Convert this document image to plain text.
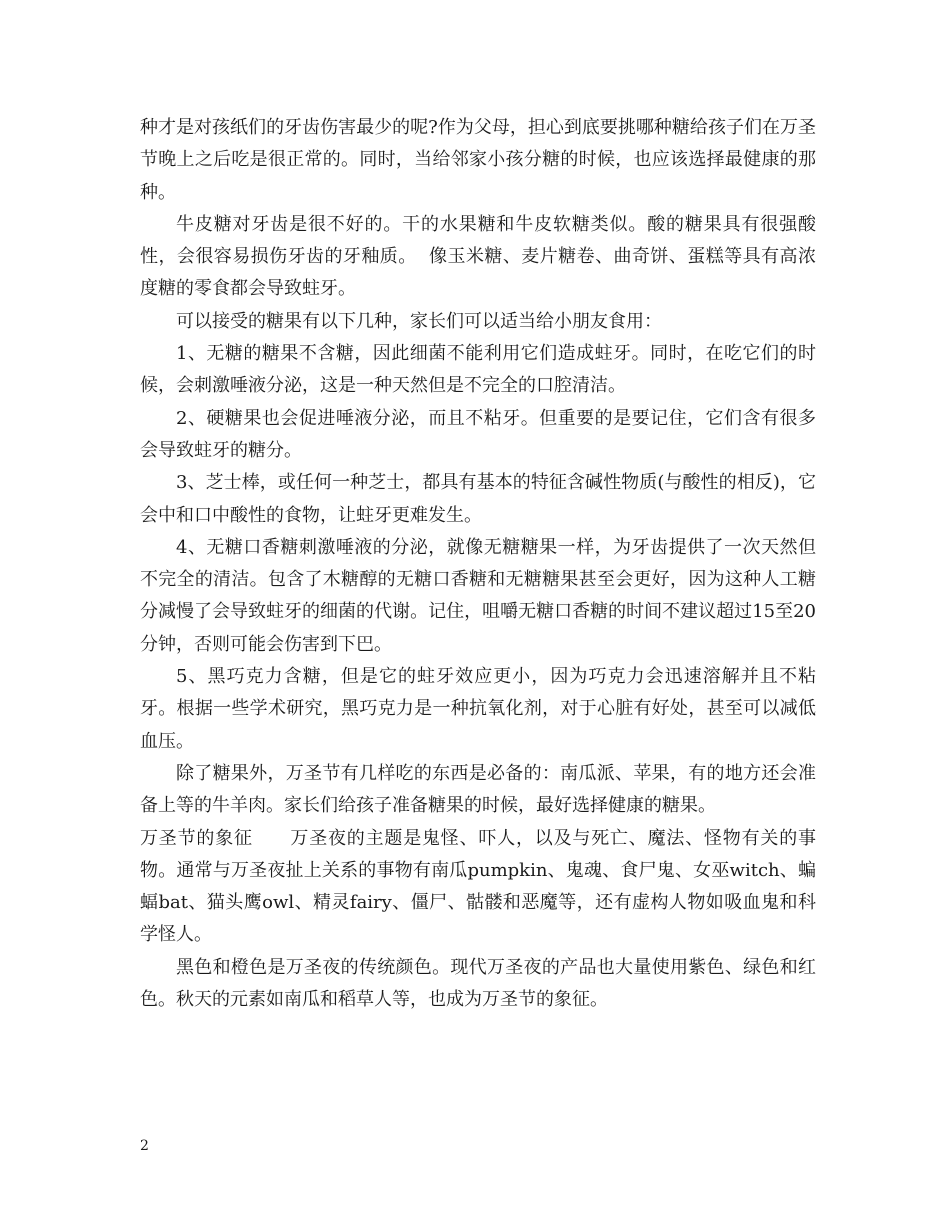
种才是对孩纸们的牙齿伤害最少的呢?作为父母，担心到底要挑哪种糖给孩子们在万圣节晚上之后吃是很正常的。同时，当给邻家小孩分糖的时候，也应该选择最健康的那种。

牛皮糖对牙齿是很不好的。干的水果糖和牛皮软糖类似。酸的糖果具有很强酸性，会很容易损伤牙齿的牙釉质。  像玉米糖、麦片糖卷、曲奇饼、蛋糕等具有高浓度糖的零食都会导致蛀牙。

可以接受的糖果有以下几种，家长们可以适当给小朋友食用：

1、无糖的糖果不含糖，因此细菌不能利用它们造成蛀牙。同时，在吃它们的时候，会刺激唾液分泌，这是一种天然但是不完全的口腔清洁。

2、硬糖果也会促进唾液分泌，而且不粘牙。但重要的是要记住，它们含有很多会导致蛀牙的糖分。

3、芝士棒，或任何一种芝士，都具有基本的特征含碱性物质(与酸性的相反)，它会中和口中酸性的食物，让蛀牙更难发生。

4、无糖口香糖刺激唾液的分泌，就像无糖糖果一样，为牙齿提供了一次天然但不完全的清洁。包含了木糖醇的无糖口香糖和无糖糖果甚至会更好，因为这种人工糖分减慢了会导致蛀牙的细菌的代谢。记住，咀嚼无糖口香糖的时间不建议超过15至20分钟，否则可能会伤害到下巴。

5、黑巧克力含糖，但是它的蛀牙效应更小，因为巧克力会迅速溶解并且不粘牙。根据一些学术研究，黑巧克力是一种抗氧化剂，对于心脏有好处，甚至可以减低血压。

除了糖果外，万圣节有几样吃的东西是必备的：南瓜派、苹果，有的地方还会准备上等的牛羊肉。家长们给孩子准备糖果的时候，最好选择健康的糖果。

万圣节的象征　　万圣夜的主题是鬼怪、吓人，以及与死亡、魔法、怪物有关的事物。通常与万圣夜扯上关系的事物有南瓜pumpkin、鬼魂、食尸鬼、女巫witch、蝙蝠bat、猫头鹰owl、精灵fairy、僵尸、骷髅和恶魔等，还有虚构人物如吸血鬼和科学怪人。

黑色和橙色是万圣夜的传统颜色。现代万圣夜的产品也大量使用紫色、绿色和红色。秋天的元素如南瓜和稻草人等，也成为万圣节的象征。

2
